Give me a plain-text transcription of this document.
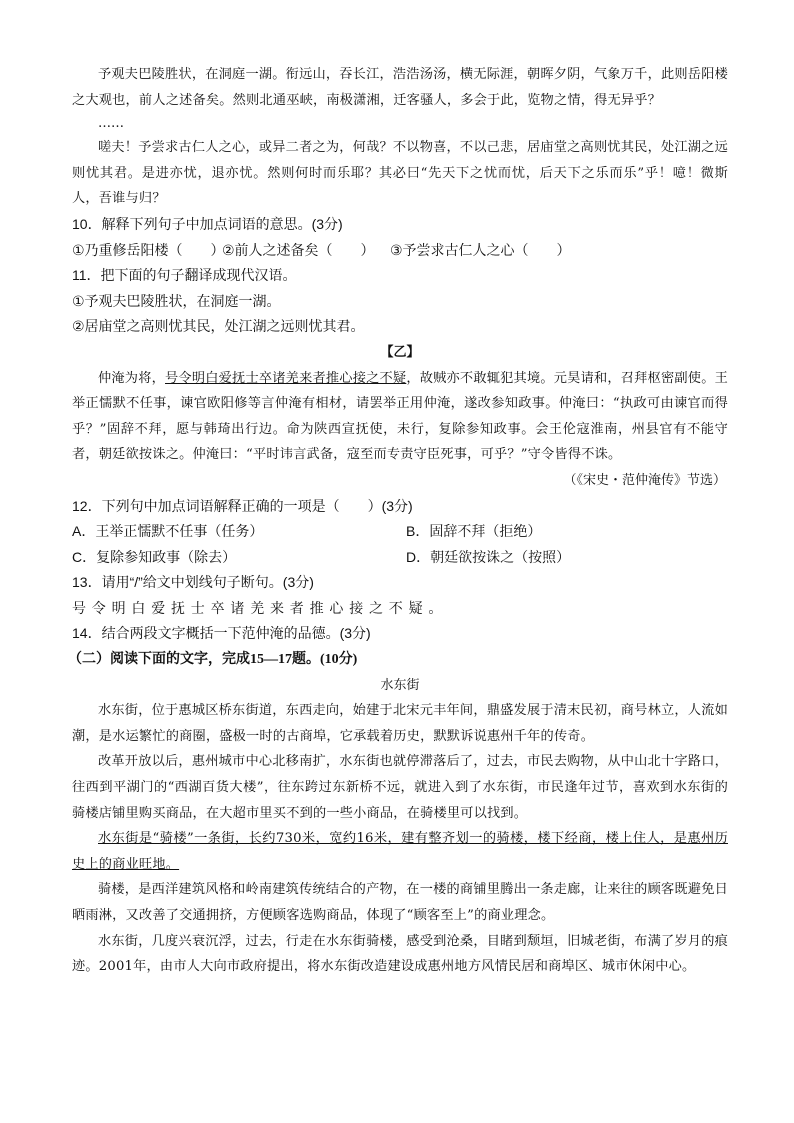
予观夫巴陵胜状，在洞庭一湖。衔远山，吞长江，浩浩汤汤，横无际涯，朝晖夕阴，气象万千，此则岳阳楼之大观也，前人之述备矣。然则北通巫峡，南极潇湘，迁客骚人，多会于此，览物之情，得无异乎？

……

嗟夫！予尝求古仁人之心，或异二者之为，何哉？不以物喜，不以己悲，居庙堂之高则忧其民，处江湖之远则忧其君。是进亦忧，退亦忧。然则何时而乐耶？其必曰“先天下之忧而忧，后天下之乐而乐”乎！噫！微斯人，吾谁与归？

10．解释下列句子中加点词语的意思。(3分)

①乃重修岳阳楼（　　）
②前人之述备矣（　　）	③予尝求古仁人之心（　　）

11．把下面的句子翻译成现代汉语。

①予观夫巴陵胜状，在洞庭一湖。

②居庙堂之高则忧其民，处江湖之远则忧其君。

【乙】

仲淹为将，号令明白爱抚士卒诸羌来者推心接之不疑，故贼亦不敢辄犯其境。元昊请和，召拜枢密副使。王举正懦默不任事，谏官欧阳修等言仲淹有相材，请罢举正用仲淹，遂改参知政事。仲淹曰：“执政可由谏官而得乎？”固辞不拜，愿与韩琦出行边。命为陕西宣抚使，未行，复除参知政事。会王伦寇淮南，州县官有不能守者，朝廷欲按诛之。仲淹曰：“平时讳言武备，寇至而专责守臣死事，可乎？”守令皆得不诛。

（《宋史・范仲淹传》节选）

12．下列句中加点词语解释正确的一项是（　　）(3分)

A．王举正懦默不任事（任务）	B．固辞不拜（拒绝）
C．复除参知政事（除去）	D．朝廷欲按诛之（按照）

13．请用“/”给文中划线句子断句。(3分)

号令明白爱抚士卒诸羌来者推心接之不疑。

14．结合两段文字概括一下范仲淹的品德。(3分)

（二）阅读下面的文字，完成15—17题。(10分)

水东街

水东街，位于惠城区桥东街道，东西走向，始建于北宋元丰年间，鼎盛发展于清末民初，商号林立，人流如潮，是水运繁忙的商圈，盛极一时的古商埠，它承载着历史，默默诉说惠州千年的传奇。

改革开放以后，惠州城市中心北移南扩，水东街也就停滞落后了，过去，市民去购物，从中山北十字路口，往西到平湖门的“西湖百货大楼”，往东跨过东新桥不远，就进入到了水东街，市民逢年过节，喜欢到水东街的骑楼店铺里购买商品，在大超市里买不到的一些小商品，在骑楼里可以找到。

水东街是“骑楼”一条街，长约730米，宽约16米，建有整齐划一的骑楼，楼下经商，楼上住人，是惠州历史上的商业旺地。

骑楼，是西洋建筑风格和岭南建筑传统结合的产物，在一楼的商铺里腾出一条走廊，让来往的顾客既避免日晒雨淋，又改善了交通拥挤，方便顾客选购商品，体现了“顾客至上”的商业理念。

水东街，几度兴衰沉浮，过去，行走在水东街骑楼，感受到沧桑，目睹到颓垣，旧城老街，布满了岁月的痕迹。2001年，由市人大向市政府提出，将水东街改造建设成惠州地方风情民居和商埠区、城市休闲中心。
